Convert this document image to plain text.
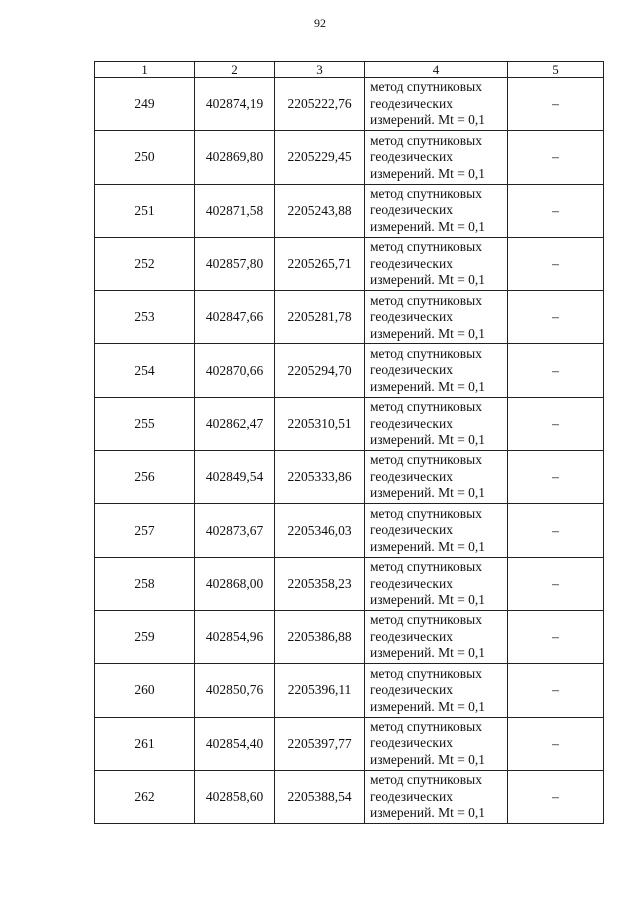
92
1	2	3	4	5
249	402874,19	2205222,76	метод спутниковых геодезических измерений. Mt = 0,1	–
250	402869,80	2205229,45	метод спутниковых геодезических измерений. Mt = 0,1	–
251	402871,58	2205243,88	метод спутниковых геодезических измерений. Mt = 0,1	–
252	402857,80	2205265,71	метод спутниковых геодезических измерений. Mt = 0,1	–
253	402847,66	2205281,78	метод спутниковых геодезических измерений. Mt = 0,1	–
254	402870,66	2205294,70	метод спутниковых геодезических измерений. Mt = 0,1	–
255	402862,47	2205310,51	метод спутниковых геодезических измерений. Mt = 0,1	–
256	402849,54	2205333,86	метод спутниковых геодезических измерений. Mt = 0,1	–
257	402873,67	2205346,03	метод спутниковых геодезических измерений. Mt = 0,1	–
258	402868,00	2205358,23	метод спутниковых геодезических измерений. Mt = 0,1	–
259	402854,96	2205386,88	метод спутниковых геодезических измерений. Mt = 0,1	–
260	402850,76	2205396,11	метод спутниковых геодезических измерений. Mt = 0,1	–
261	402854,40	2205397,77	метод спутниковых геодезических измерений. Mt = 0,1	–
262	402858,60	2205388,54	метод спутниковых геодезических измерений. Mt = 0,1	–
